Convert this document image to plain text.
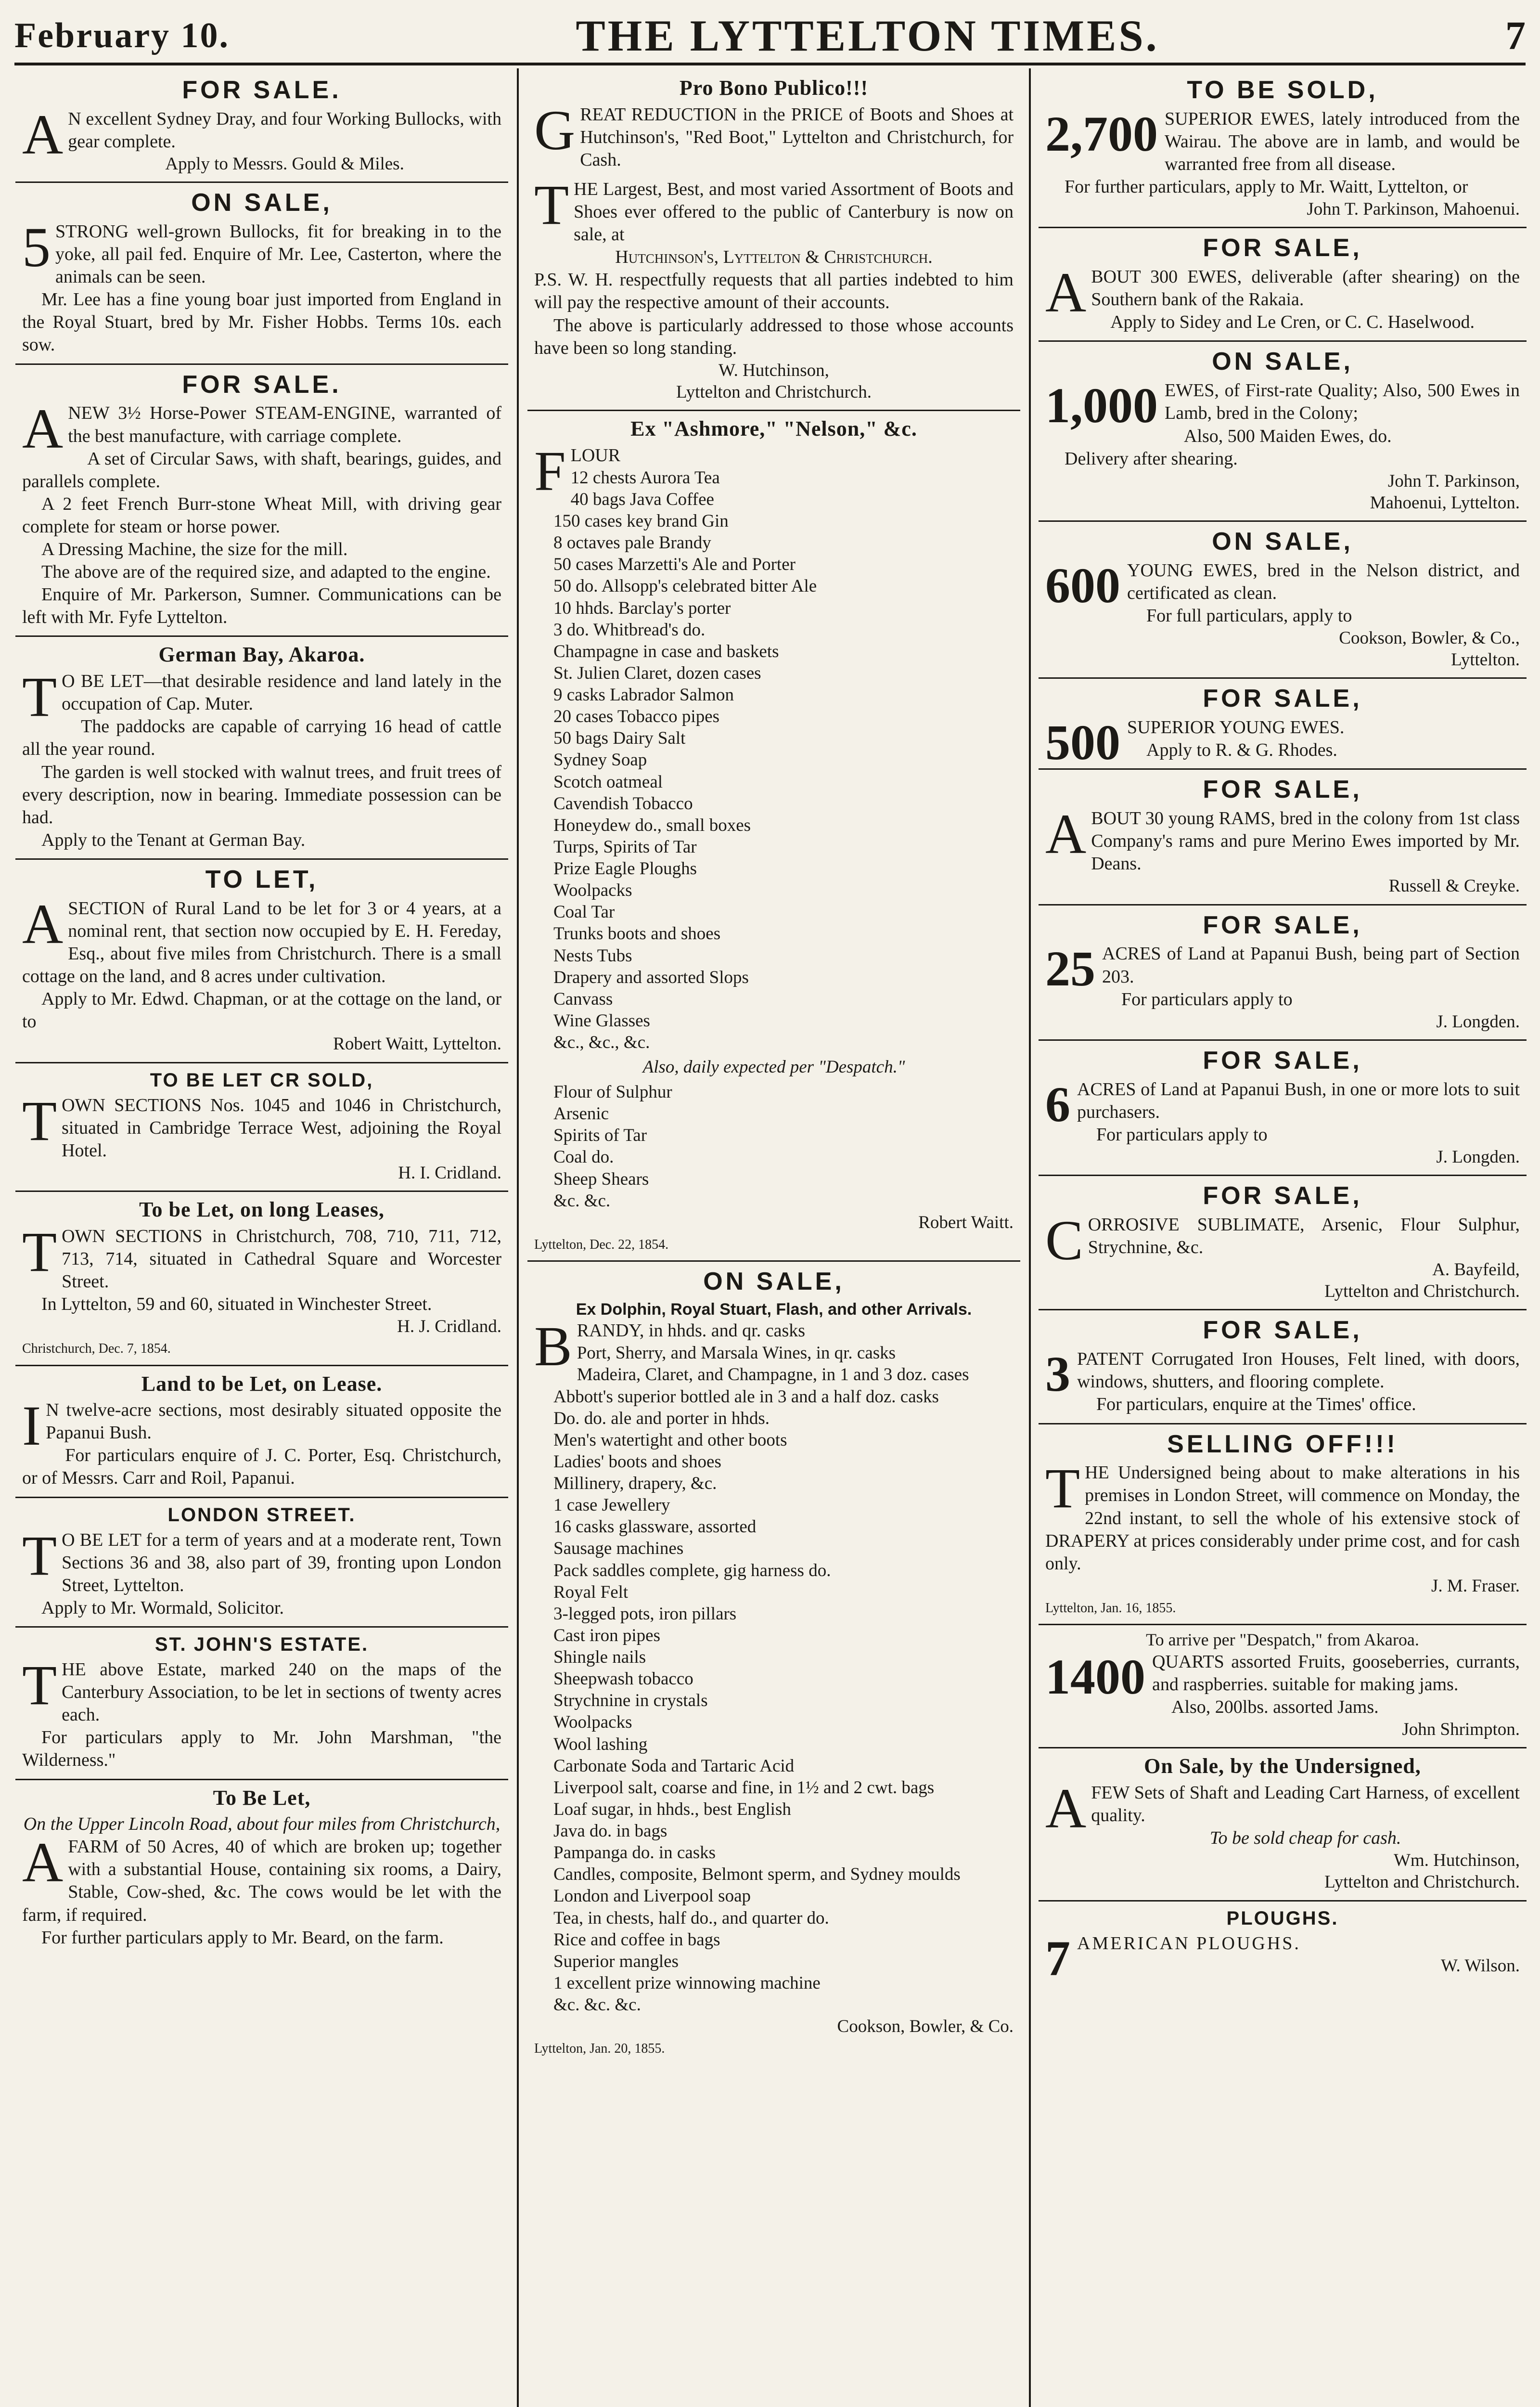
February 10.	THE LYTTELTON TIMES.	7
FOR SALE.

AN excellent Sydney Dray, and four Working Bullocks, with gear complete.

Apply to Messrs. Gould & Miles.

ON SALE,

5STRONG well-grown Bullocks, fit for breaking in to the yoke, all pail fed. Enquire of Mr. Lee, Casterton, where the animals can be seen.

Mr. Lee has a fine young boar just imported from England in the Royal Stuart, bred by Mr. Fisher Hobbs. Terms 10s. each sow.

FOR SALE.

ANEW 3½ Horse-Power STEAM-ENGINE, warranted of the best manufacture, with carriage complete.

A set of Circular Saws, with shaft, bearings, guides, and parallels complete.

A 2 feet French Burr-stone Wheat Mill, with driving gear complete for steam or horse power.

A Dressing Machine, the size for the mill.

The above are of the required size, and adapted to the engine.

Enquire of Mr. Parkerson, Sumner. Communications can be left with Mr. Fyfe Lyttelton.

German Bay, Akaroa.

TO BE LET—that desirable residence and land lately in the occupation of Cap. Muter.

The paddocks are capable of carrying 16 head of cattle all the year round.

The garden is well stocked with walnut trees, and fruit trees of every description, now in bearing. Immediate possession can be had.

Apply to the Tenant at German Bay.

TO LET,

ASECTION of Rural Land to be let for 3 or 4 years, at a nominal rent, that section now occupied by E. H. Fereday, Esq., about five miles from Christchurch. There is a small cottage on the land, and 8 acres under cultivation.

Apply to Mr. Edwd. Chapman, or at the cottage on the land, or to

Robert Waitt, Lyttelton.

TO BE LET CR SOLD,

TOWN SECTIONS Nos. 1045 and 1046 in Christchurch, situated in Cambridge Terrace West, adjoining the Royal Hotel.

H. I. Cridland.

To be Let, on long Leases,

TOWN SECTIONS in Christchurch, 708, 710, 711, 712, 713, 714, situated in Cathedral Square and Worcester Street.

In Lyttelton, 59 and 60, situated in Winchester Street.

H. J. Cridland.

Christchurch, Dec. 7, 1854.

Land to be Let, on Lease.

IN twelve-acre sections, most desirably situated opposite the Papanui Bush.

For particulars enquire of J. C. Porter, Esq. Christchurch, or of Messrs. Carr and Roil, Papanui.

LONDON STREET.

TO BE LET for a term of years and at a moderate rent, Town Sections 36 and 38, also part of 39, fronting upon London Street, Lyttelton.

Apply to Mr. Wormald, Solicitor.

ST. JOHN'S ESTATE.

THE above Estate, marked 240 on the maps of the Canterbury Association, to be let in sections of twenty acres each.

For particulars apply to Mr. John Marshman, "the Wilderness."

To Be Let,

On the Upper Lincoln Road, about four miles from Christchurch,

AFARM of 50 Acres, 40 of which are broken up; together with a substantial House, containing six rooms, a Dairy, Stable, Cow-shed, &c. The cows would be let with the farm, if required.

For further particulars apply to Mr. Beard, on the farm.

Pro Bono Publico!!!

GREAT REDUCTION in the PRICE of Boots and Shoes at Hutchinson's, "Red Boot," Lyttelton and Christchurch, for Cash.

THE Largest, Best, and most varied Assortment of Boots and Shoes ever offered to the public of Canterbury is now on sale, at

Hutchinson's, Lyttelton & Christchurch.

P.S. W. H. respectfully requests that all parties indebted to him will pay the respective amount of their accounts.

The above is particularly addressed to those whose accounts have been so long standing.

W. Hutchinson,

Lyttelton and Christchurch.

Ex "Ashmore," "Nelson," &c.

FLOUR

12 chests Aurora Tea
40 bags Java Coffee
150 cases key brand Gin
8 octaves pale Brandy
50 cases Marzetti's Ale and Porter
50 do. Allsopp's celebrated bitter Ale
10 hhds. Barclay's porter
3 do. Whitbread's do.
Champagne in case and baskets
St. Julien Claret, dozen cases
9 casks Labrador Salmon
20 cases Tobacco pipes
50 bags Dairy Salt
Sydney Soap
Scotch oatmeal
Cavendish Tobacco
Honeydew do., small boxes
Turps, Spirits of Tar
Prize Eagle Ploughs
Woolpacks
Coal Tar
Trunks boots and shoes
Nests Tubs
Drapery and assorted Slops
Canvass
Wine Glasses
&c., &c., &c.

Also, daily expected per "Despatch."

Flour of Sulphur
Arsenic
Spirits of Tar
Coal do.
Sheep Shears
&c. &c.

Robert Waitt.

Lyttelton, Dec. 22, 1854.

ON SALE,

Ex Dolphin, Royal Stuart, Flash, and other Arrivals.

BRANDY, in hhds. and qr. casks

Port, Sherry, and Marsala Wines, in qr. casks
Madeira, Claret, and Champagne, in 1 and 3 doz. cases
Abbott's superior bottled ale in 3 and a half doz. casks
Do. do. ale and porter in hhds.
Men's watertight and other boots
Ladies' boots and shoes
Millinery, drapery, &c.
1 case Jewellery
16 casks glassware, assorted
Sausage machines
Pack saddles complete, gig harness do.
Royal Felt
3-legged pots, iron pillars
Cast iron pipes
Shingle nails
Sheepwash tobacco
Strychnine in crystals
Woolpacks
Wool lashing
Carbonate Soda and Tartaric Acid
Liverpool salt, coarse and fine, in 1½ and 2 cwt. bags
Loaf sugar, in hhds., best English
Java do. in bags
Pampanga do. in casks
Candles, composite, Belmont sperm, and Sydney moulds
London and Liverpool soap
Tea, in chests, half do., and quarter do.
Rice and coffee in bags
Superior mangles
1 excellent prize winnowing machine
&c. &c. &c.

Cookson, Bowler, & Co.

Lyttelton, Jan. 20, 1855.

TO BE SOLD,

2,700 SUPERIOR EWES, lately introduced from the Wairau. The above are in lamb, and would be warranted free from all disease.

For further particulars, apply to Mr. Waitt, Lyttelton, or

John T. Parkinson, Mahoenui.

FOR SALE,

ABOUT 300 EWES, deliverable (after shearing) on the Southern bank of the Rakaia.

Apply to Sidey and Le Cren, or C. C. Haselwood.

ON SALE,

1,000 EWES, of First-rate Quality; Also, 500 Ewes in Lamb, bred in the Colony;

Also, 500 Maiden Ewes, do.

Delivery after shearing.

John T. Parkinson,

Mahoenui, Lyttelton.

ON SALE,

600 YOUNG EWES, bred in the Nelson district, and certificated as clean.

For full particulars, apply to

Cookson, Bowler, & Co.,

Lyttelton.

FOR SALE,

500 SUPERIOR YOUNG EWES.

Apply to R. & G. Rhodes.

FOR SALE,

ABOUT 30 young RAMS, bred in the colony from 1st class Company's rams and pure Merino Ewes imported by Mr. Deans.

Russell & Creyke.

FOR SALE,

25 ACRES of Land at Papanui Bush, being part of Section 203.

For particulars apply to

J. Longden.

FOR SALE,

6 ACRES of Land at Papanui Bush, in one or more lots to suit purchasers.

For particulars apply to

J. Longden.

FOR SALE,

CORROSIVE SUBLIMATE, Arsenic, Flour Sulphur, Strychnine, &c.

A. Bayfeild,

Lyttelton and Christchurch.

FOR SALE,

3 PATENT Corrugated Iron Houses, Felt lined, with doors, windows, shutters, and flooring complete.

For particulars, enquire at the Times' office.

SELLING OFF!!!

THE Undersigned being about to make alterations in his premises in London Street, will commence on Monday, the 22nd instant, to sell the whole of his extensive stock of DRAPERY at prices considerably under prime cost, and for cash only.

J. M. Fraser.

Lyttelton, Jan. 16, 1855.

To arrive per "Despatch," from Akaroa.

1400 QUARTS assorted Fruits, gooseberries, currants, and raspberries. suitable for making jams.

Also, 200lbs. assorted Jams.

John Shrimpton.

On Sale, by the Undersigned,

AFEW Sets of Shaft and Leading Cart Harness, of excellent quality.

To be sold cheap for cash.

Wm. Hutchinson,

Lyttelton and Christchurch.

PLOUGHS.

7 AMERICAN PLOUGHS.

W. Wilson.
